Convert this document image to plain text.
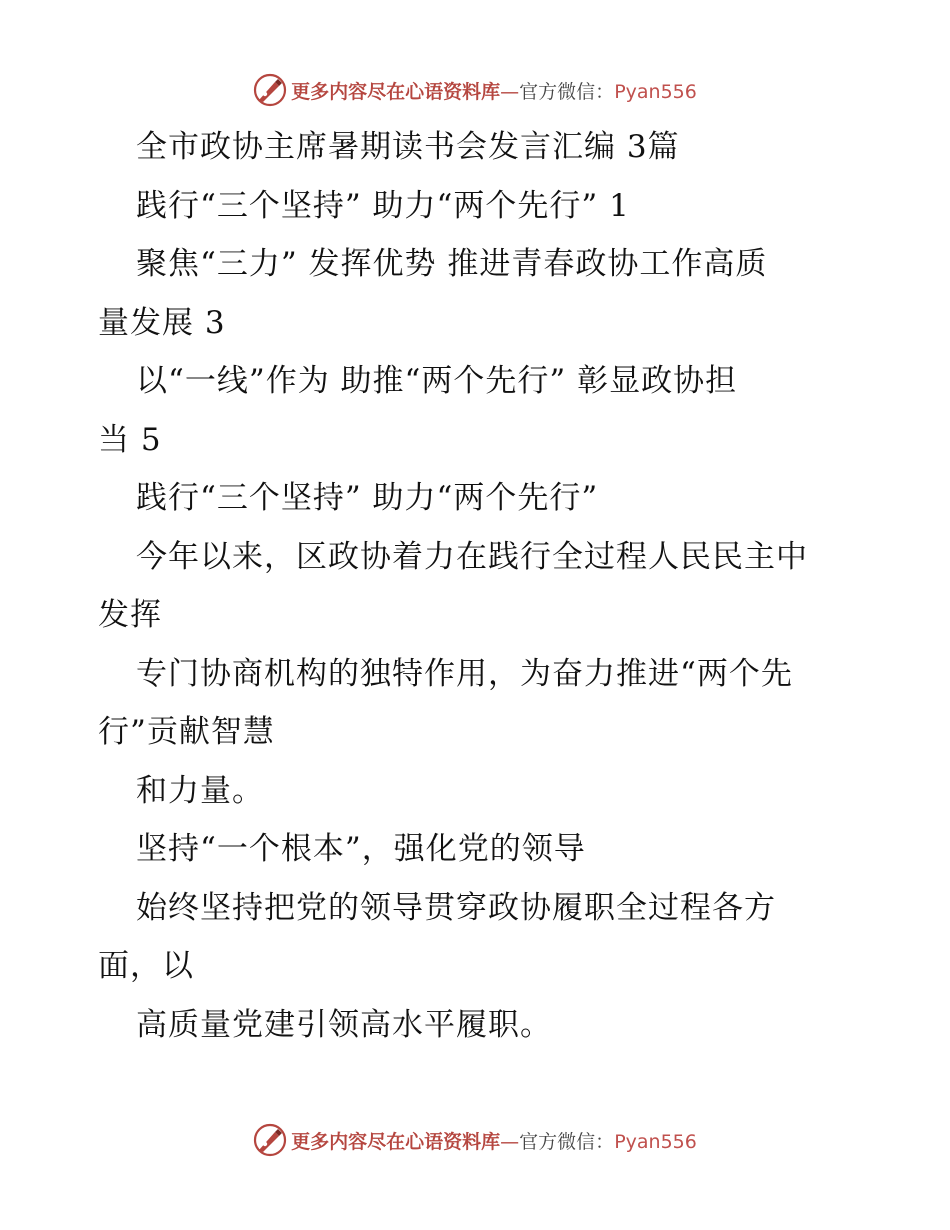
更多内容尽在心语资料库—官方微信：Pyan556
全市政协主席暑期读书会发言汇编 3篇
践行“三个坚持” 助力“两个先行” 1
聚焦“三力” 发挥优势 推进青春政协工作高质
量发展 3
以“一线”作为 助推“两个先行” 彰显政协担
当 5
践行“三个坚持” 助力“两个先行”
今年以来，区政协着力在践行全过程人民民主中
发挥
专门协商机构的独特作用，为奋力推进“两个先
行”贡献智慧
和力量。
坚持“一个根本”，强化党的领导
始终坚持把党的领导贯穿政协履职全过程各方
面，以
高质量党建引领高水平履职。
更多内容尽在心语资料库—官方微信：Pyan556
